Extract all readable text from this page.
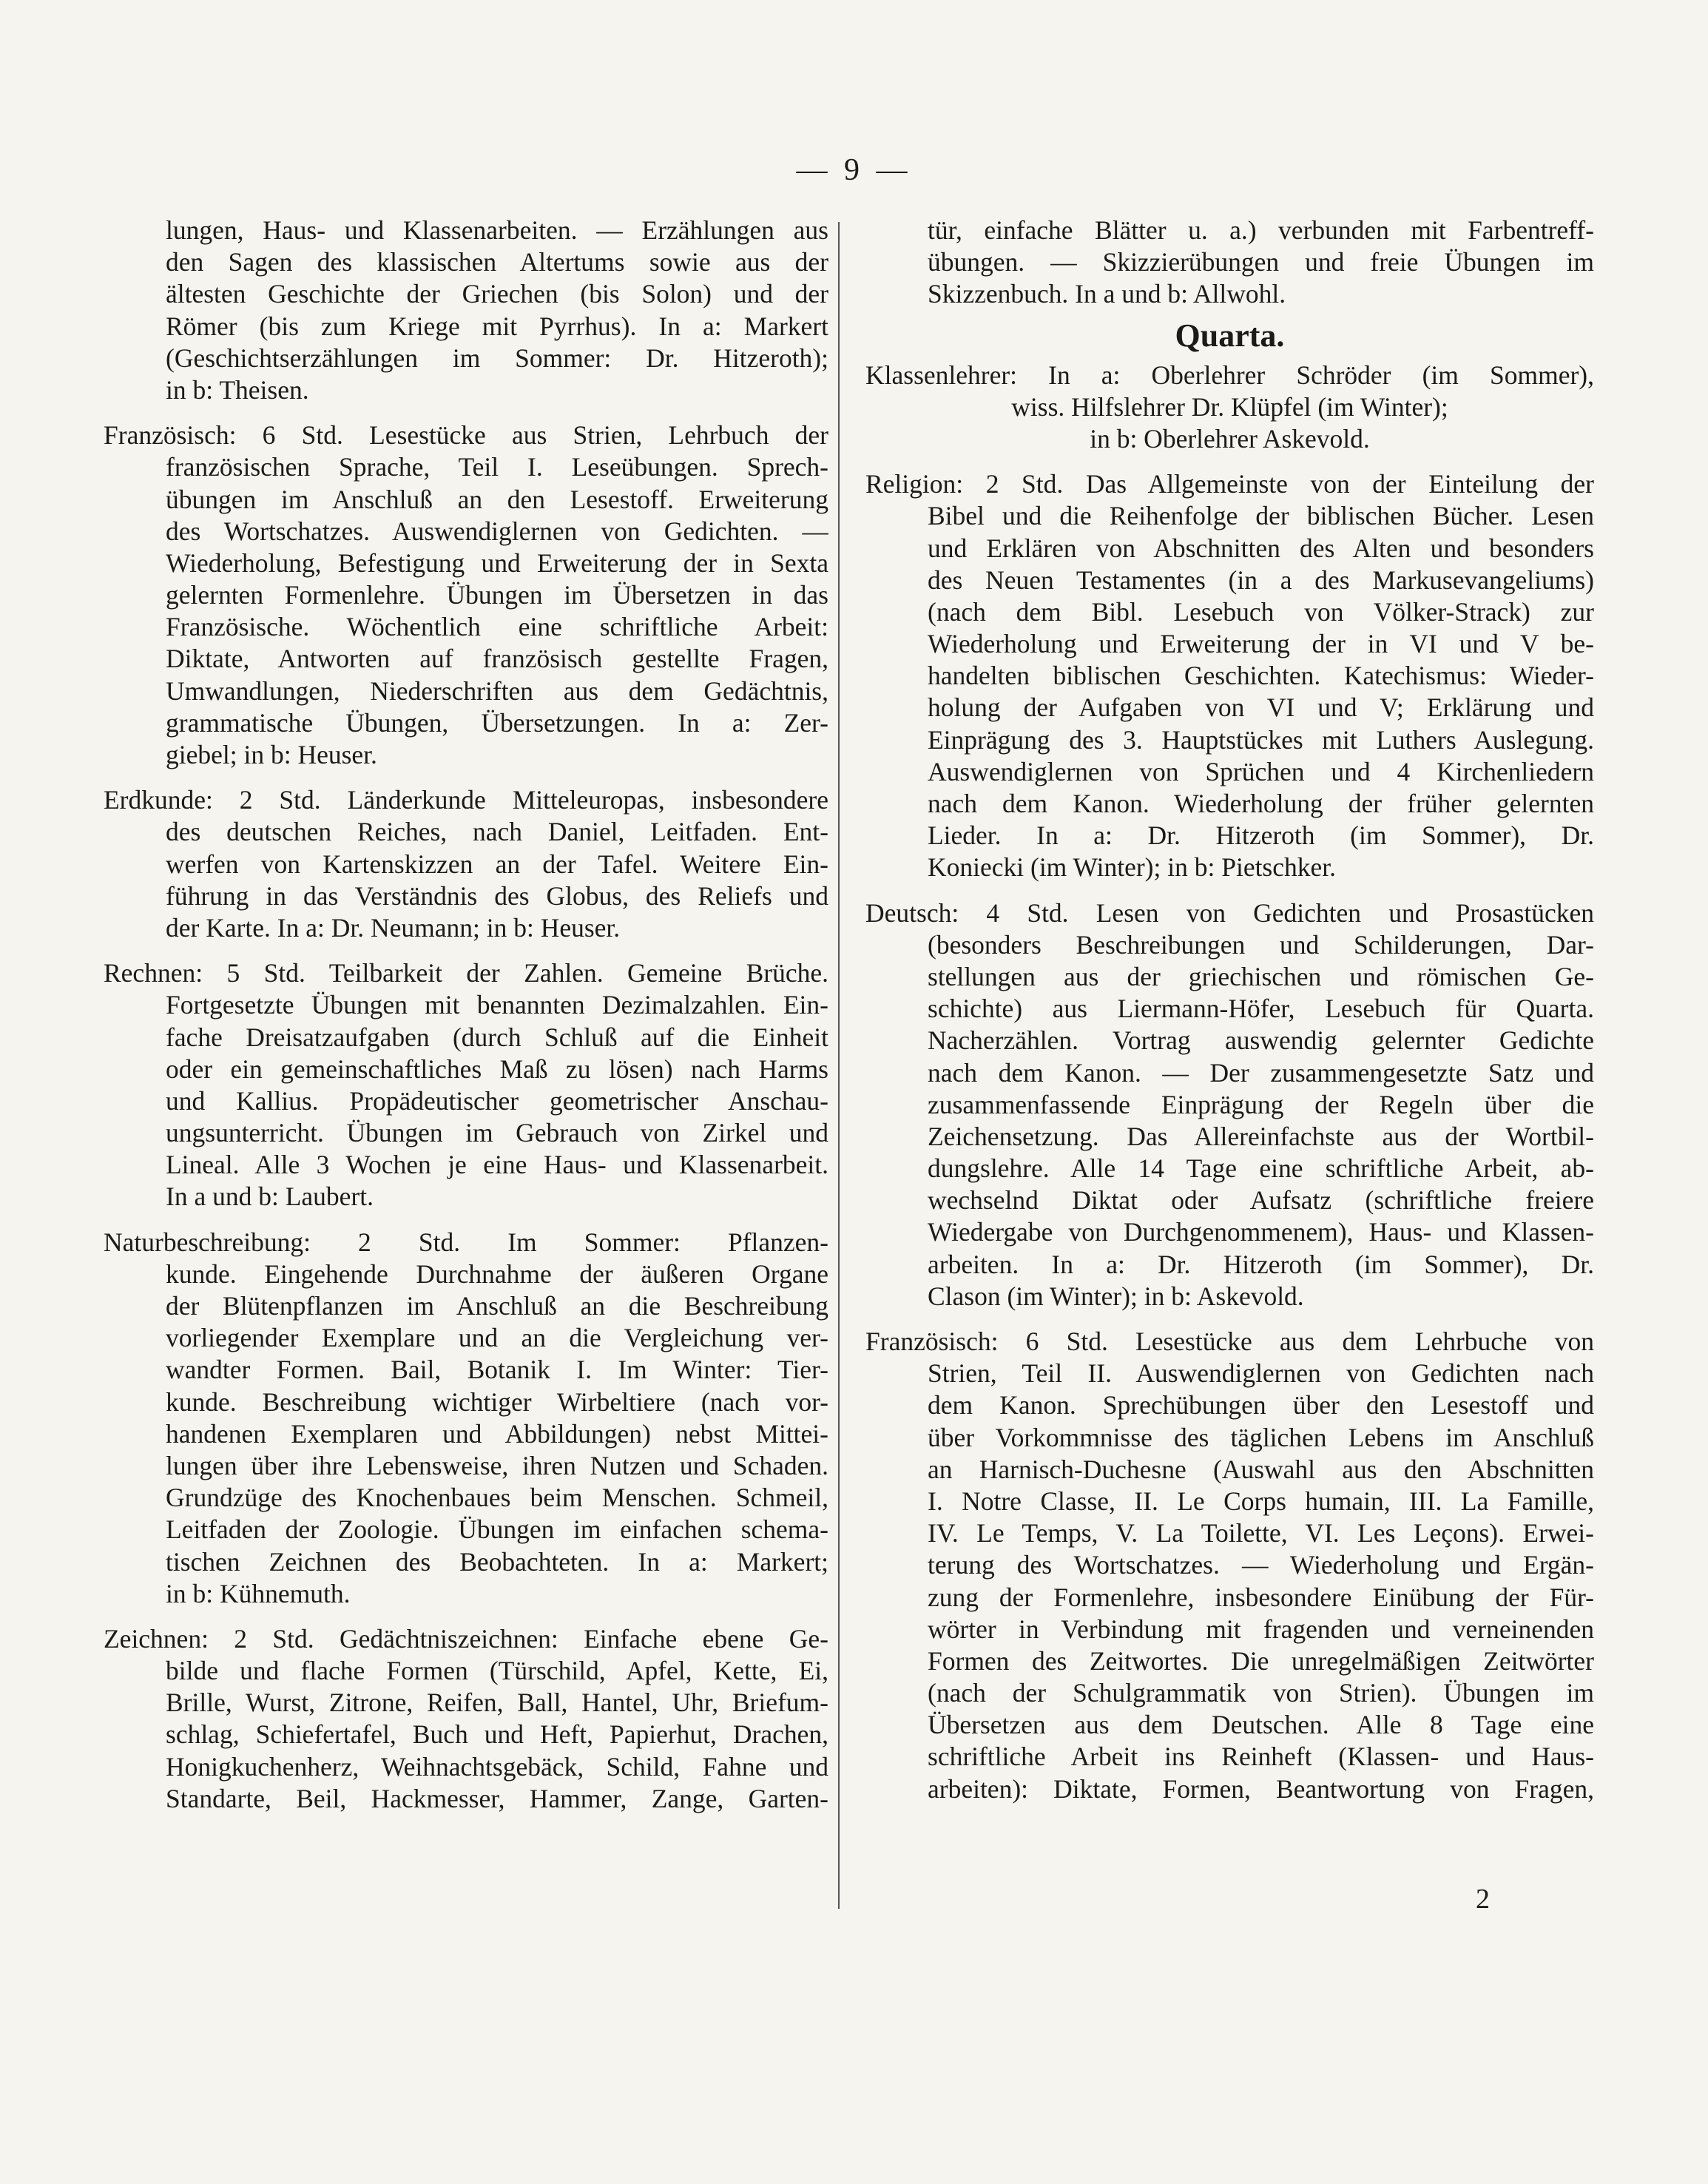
— 9 —
lungen, Haus- und Klassenarbeiten. — Erzählungen aus
den Sagen des klassischen Altertums sowie aus der
ältesten Geschichte der Griechen (bis Solon) und der
Römer (bis zum Kriege mit Pyrrhus). In a: Markert
(Geschichtserzählungen im Sommer: Dr. Hitzeroth);
in b: Theisen.
Französisch: 6 Std. Lesestücke aus Strien, Lehrbuch der
französischen Sprache, Teil I. Leseübungen. Sprech-
übungen im Anschluß an den Lesestoff. Erweiterung
des Wortschatzes. Auswendiglernen von Gedichten. —
Wiederholung, Befestigung und Erweiterung der in Sexta
gelernten Formenlehre. Übungen im Übersetzen in das
Französische. Wöchentlich eine schriftliche Arbeit:
Diktate, Antworten auf französisch gestellte Fragen,
Umwandlungen, Niederschriften aus dem Gedächtnis,
grammatische Übungen, Übersetzungen. In a: Zer-
giebel; in b: Heuser.
Erdkunde: 2 Std. Länderkunde Mitteleuropas, insbesondere
des deutschen Reiches, nach Daniel, Leitfaden. Ent-
werfen von Kartenskizzen an der Tafel. Weitere Ein-
führung in das Verständnis des Globus, des Reliefs und
der Karte. In a: Dr. Neumann; in b: Heuser.
Rechnen: 5 Std. Teilbarkeit der Zahlen. Gemeine Brüche.
Fortgesetzte Übungen mit benannten Dezimalzahlen. Ein-
fache Dreisatzaufgaben (durch Schluß auf die Einheit
oder ein gemeinschaftliches Maß zu lösen) nach Harms
und Kallius. Propädeutischer geometrischer Anschau-
ungsunterricht. Übungen im Gebrauch von Zirkel und
Lineal. Alle 3 Wochen je eine Haus- und Klassenarbeit.
In a und b: Laubert.
Naturbeschreibung: 2 Std. Im Sommer: Pflanzen-
kunde. Eingehende Durchnahme der äußeren Organe
der Blütenpflanzen im Anschluß an die Beschreibung
vorliegender Exemplare und an die Vergleichung ver-
wandter Formen. Bail, Botanik I. Im Winter: Tier-
kunde. Beschreibung wichtiger Wirbeltiere (nach vor-
handenen Exemplaren und Abbildungen) nebst Mittei-
lungen über ihre Lebensweise, ihren Nutzen und Schaden.
Grundzüge des Knochenbaues beim Menschen. Schmeil,
Leitfaden der Zoologie. Übungen im einfachen schema-
tischen Zeichnen des Beobachteten. In a: Markert;
in b: Kühnemuth.
Zeichnen: 2 Std. Gedächtniszeichnen: Einfache ebene Ge-
bilde und flache Formen (Türschild, Apfel, Kette, Ei,
Brille, Wurst, Zitrone, Reifen, Ball, Hantel, Uhr, Briefum-
schlag, Schiefertafel, Buch und Heft, Papierhut, Drachen,
Honigkuchenherz, Weihnachtsgebäck, Schild, Fahne und
Standarte, Beil, Hackmesser, Hammer, Zange, Garten-
tür, einfache Blätter u. a.) verbunden mit Farbentreff-
übungen. — Skizzierübungen und freie Übungen im
Skizzenbuch. In a und b: Allwohl.
Quarta.
Klassenlehrer: In a: Oberlehrer Schröder (im Sommer),
wiss. Hilfslehrer Dr. Klüpfel (im Winter);
in b: Oberlehrer Askevold.
Religion: 2 Std. Das Allgemeinste von der Einteilung der
Bibel und die Reihenfolge der biblischen Bücher. Lesen
und Erklären von Abschnitten des Alten und besonders
des Neuen Testamentes (in a des Markusevangeliums)
(nach dem Bibl. Lesebuch von Völker-Strack) zur
Wiederholung und Erweiterung der in VI und V be-
handelten biblischen Geschichten. Katechismus: Wieder-
holung der Aufgaben von VI und V; Erklärung und
Einprägung des 3. Hauptstückes mit Luthers Auslegung.
Auswendiglernen von Sprüchen und 4 Kirchenliedern
nach dem Kanon. Wiederholung der früher gelernten
Lieder. In a: Dr. Hitzeroth (im Sommer), Dr.
Koniecki (im Winter); in b: Pietschker.
Deutsch: 4 Std. Lesen von Gedichten und Prosastücken
(besonders Beschreibungen und Schilderungen, Dar-
stellungen aus der griechischen und römischen Ge-
schichte) aus Liermann-Höfer, Lesebuch für Quarta.
Nacherzählen. Vortrag auswendig gelernter Gedichte
nach dem Kanon. — Der zusammengesetzte Satz und
zusammenfassende Einprägung der Regeln über die
Zeichensetzung. Das Allereinfachste aus der Wortbil-
dungslehre. Alle 14 Tage eine schriftliche Arbeit, ab-
wechselnd Diktat oder Aufsatz (schriftliche freiere
Wiedergabe von Durchgenommenem), Haus- und Klassen-
arbeiten. In a: Dr. Hitzeroth (im Sommer), Dr.
Clason (im Winter); in b: Askevold.
Französisch: 6 Std. Lesestücke aus dem Lehrbuche von
Strien, Teil II. Auswendiglernen von Gedichten nach
dem Kanon. Sprechübungen über den Lesestoff und
über Vorkommnisse des täglichen Lebens im Anschluß
an Harnisch-Duchesne (Auswahl aus den Abschnitten
I. Notre Classe, II. Le Corps humain, III. La Famille,
IV. Le Temps, V. La Toilette, VI. Les Leçons). Erwei-
terung des Wortschatzes. — Wiederholung und Ergän-
zung der Formenlehre, insbesondere Einübung der Für-
wörter in Verbindung mit fragenden und verneinenden
Formen des Zeitwortes. Die unregelmäßigen Zeitwörter
(nach der Schulgrammatik von Strien). Übungen im
Übersetzen aus dem Deutschen. Alle 8 Tage eine
schriftliche Arbeit ins Reinheft (Klassen- und Haus-
arbeiten): Diktate, Formen, Beantwortung von Fragen,
2
